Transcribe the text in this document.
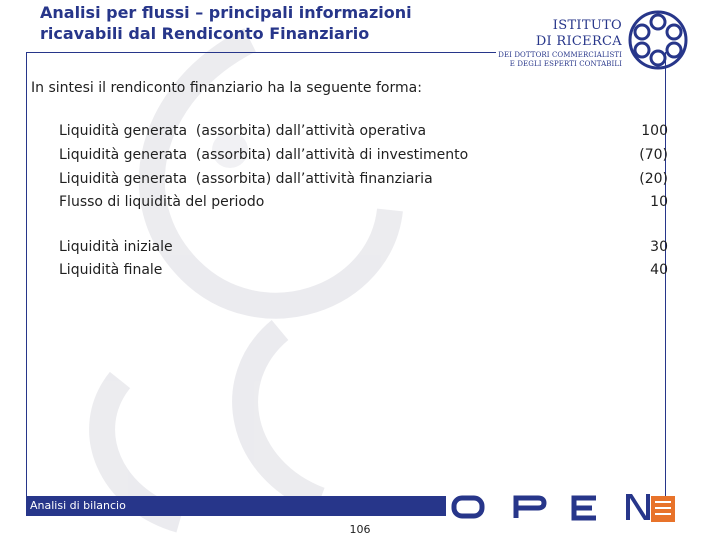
Analisi per flussi – principali informazioni
ricavabili dal Rendiconto Finanziario	ISTITUTO
DI RICERCA
DEI DOTTORI COMMERCIALISTI
E DEGLI ESPERTI CONTABILI
In sintesi il rendiconto finanziario ha la seguente forma:
Liquidità generata  (assorbita) dall’attività operativa	100
Liquidità generata  (assorbita) dall’attività di investimento	(70)
Liquidità generata  (assorbita) dall’attività finanziaria	(20)
Flusso di liquidità del periodo	10
Liquidità iniziale	30
Liquidità finale	40
Analisi di bilancio
OPEN
106
